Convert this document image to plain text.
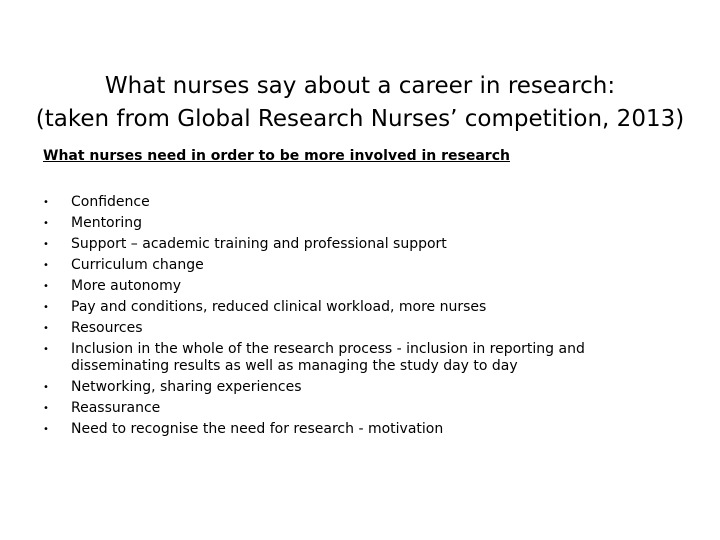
What nurses say about a career in research:
(taken from Global Research Nurses’ competition, 2013)
What nurses need in order to be more involved in research
•	Confidence
•	Mentoring
•	Support – academic training and professional support
•	Curriculum change
•	More autonomy
•	Pay and conditions, reduced clinical workload, more nurses
•	Resources
•	Inclusion in the whole of the research process - inclusion in reporting and disseminating results as well as managing the study day to day
•	Networking, sharing experiences
•	Reassurance
•	Need to recognise the need for research - motivation
